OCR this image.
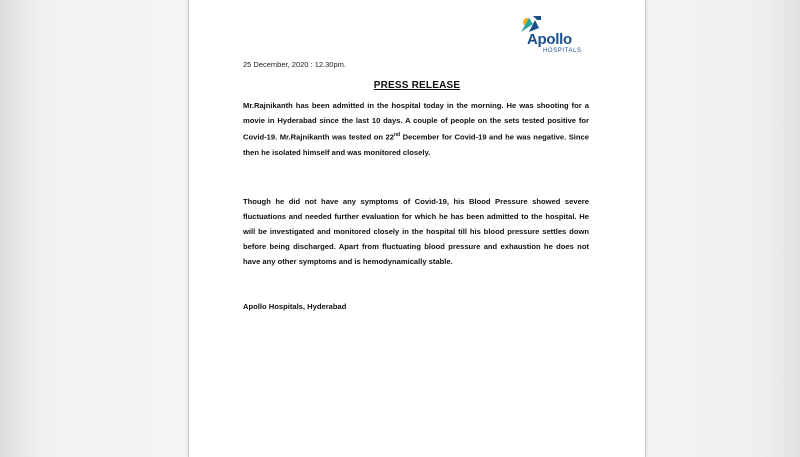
Apollo
HOSPITALS
25 December, 2020 : 12.30pm.
PRESS RELEASE
Mr.Rajnikanth has been admitted in the hospital today in the morning. He was shooting for a movie in Hyderabad since the last 10 days. A couple of people on the sets tested positive for Covid-19. Mr.Rajnikanth was tested on 22nd December for Covid-19 and he was negative. Since then he isolated himself and was monitored closely.
Though he did not have any symptoms of Covid-19, his Blood Pressure showed severe fluctuations and needed further evaluation for which he has been admitted to the hospital. He will be investigated and monitored closely in the hospital till his blood pressure settles down before being discharged. Apart from fluctuating blood pressure and exhaustion he does not have any other symptoms and is hemodynamically stable.
Apollo Hospitals, Hyderabad
